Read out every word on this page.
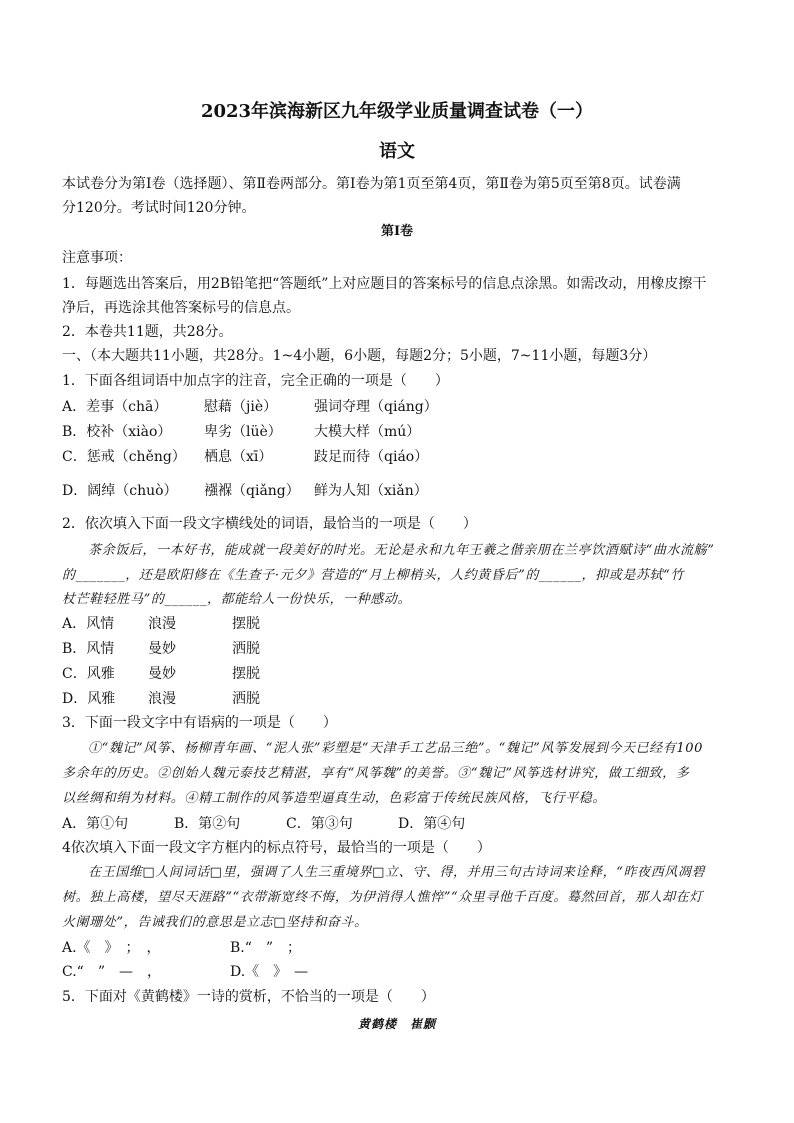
2023年滨海新区九年级学业质量调查试卷（一）
语文
本试卷分为第Ⅰ卷（选择题）、第Ⅱ卷两部分。第Ⅰ卷为第1页至第4页，第Ⅱ卷为第5页至第8页。试卷满
分120分。考试时间120分钟。
第Ⅰ卷
注意事项：
1．每题选出答案后，用2B铅笔把“答题纸”上对应题目的答案标号的信息点涂黑。如需改动，用橡皮擦干
净后，再选涂其他答案标号的信息点。
2．本卷共11题，共28分。
一、（本大题共11小题，共28分。1~4小题，6小题，每题2分；5小题，7~11小题，每题3分）
1．下面各组词语中加点字的注音，完全正确的一项是（　　）
A．差事（chā）	慰藉（jiè）	强词夺理（qiáng）
B．校补（xiào） 卑劣（lüè） 大模大样（mú）
C．惩戒（chěng） 栖息（xī）	跂足而待（qiáo）
D．阔绰（chuò） 襁褓（qiǎng） 鲜为人知（xiǎn）
2．依次填入下面一段文字横线处的词语，最恰当的一项是（　　）
茶余饭后，一本好书，能成就一段美好的时光。无论是永和九年王羲之偕亲朋在兰亭饮酒赋诗“曲水流觞”
的_______，还是欧阳修在《生查子·元夕》营造的“月上柳梢头，人约黄昏后”的______，抑或是苏轼“竹
杖芒鞋轻胜马”的______，都能给人一份快乐，一种感动。
A．风情 浪漫	摆脱
B．风情 曼妙	洒脱
C．风雅 曼妙	摆脱
D．风雅 浪漫	洒脱
3．下面一段文字中有语病的一项是（　　）
①“魏记”风筝、杨柳青年画、“泥人张”彩塑是“天津手工艺品三绝”。“魏记”风筝发展到今天已经有100
多余年的历史。②创始人魏元泰技艺精湛，享有“风筝魏”的美誉。③“魏记”风筝选材讲究，做工细致，多
以丝绸和绢为材料。④精工制作的风筝造型逼真生动，色彩富于传统民族风格，飞行平稳。
A．第①句	B．第②句	C．第③句	D．第④句
4依次填入下面一段文字方框内的标点符号，最恰当的一项是（　　）
在王国维□人间词话□里，强调了人生三重境界□立、守、得，并用三句古诗词来诠释，“昨夜西风凋碧
树。独上高楼，望尽天涯路”“衣带渐宽终不悔，为伊消得人憔悴”“众里寻他千百度。蓦然回首，那人却在灯
火阑珊处”，告诫我们的意思是立志□坚持和奋斗。
A.《　》　；　，	B.“　”　；
C.“　”　—　，	D.《　》　—
5．下面对《黄鹤楼》一诗的赏析，不恰当的一项是（　　）
黄鹤楼　崔颢
